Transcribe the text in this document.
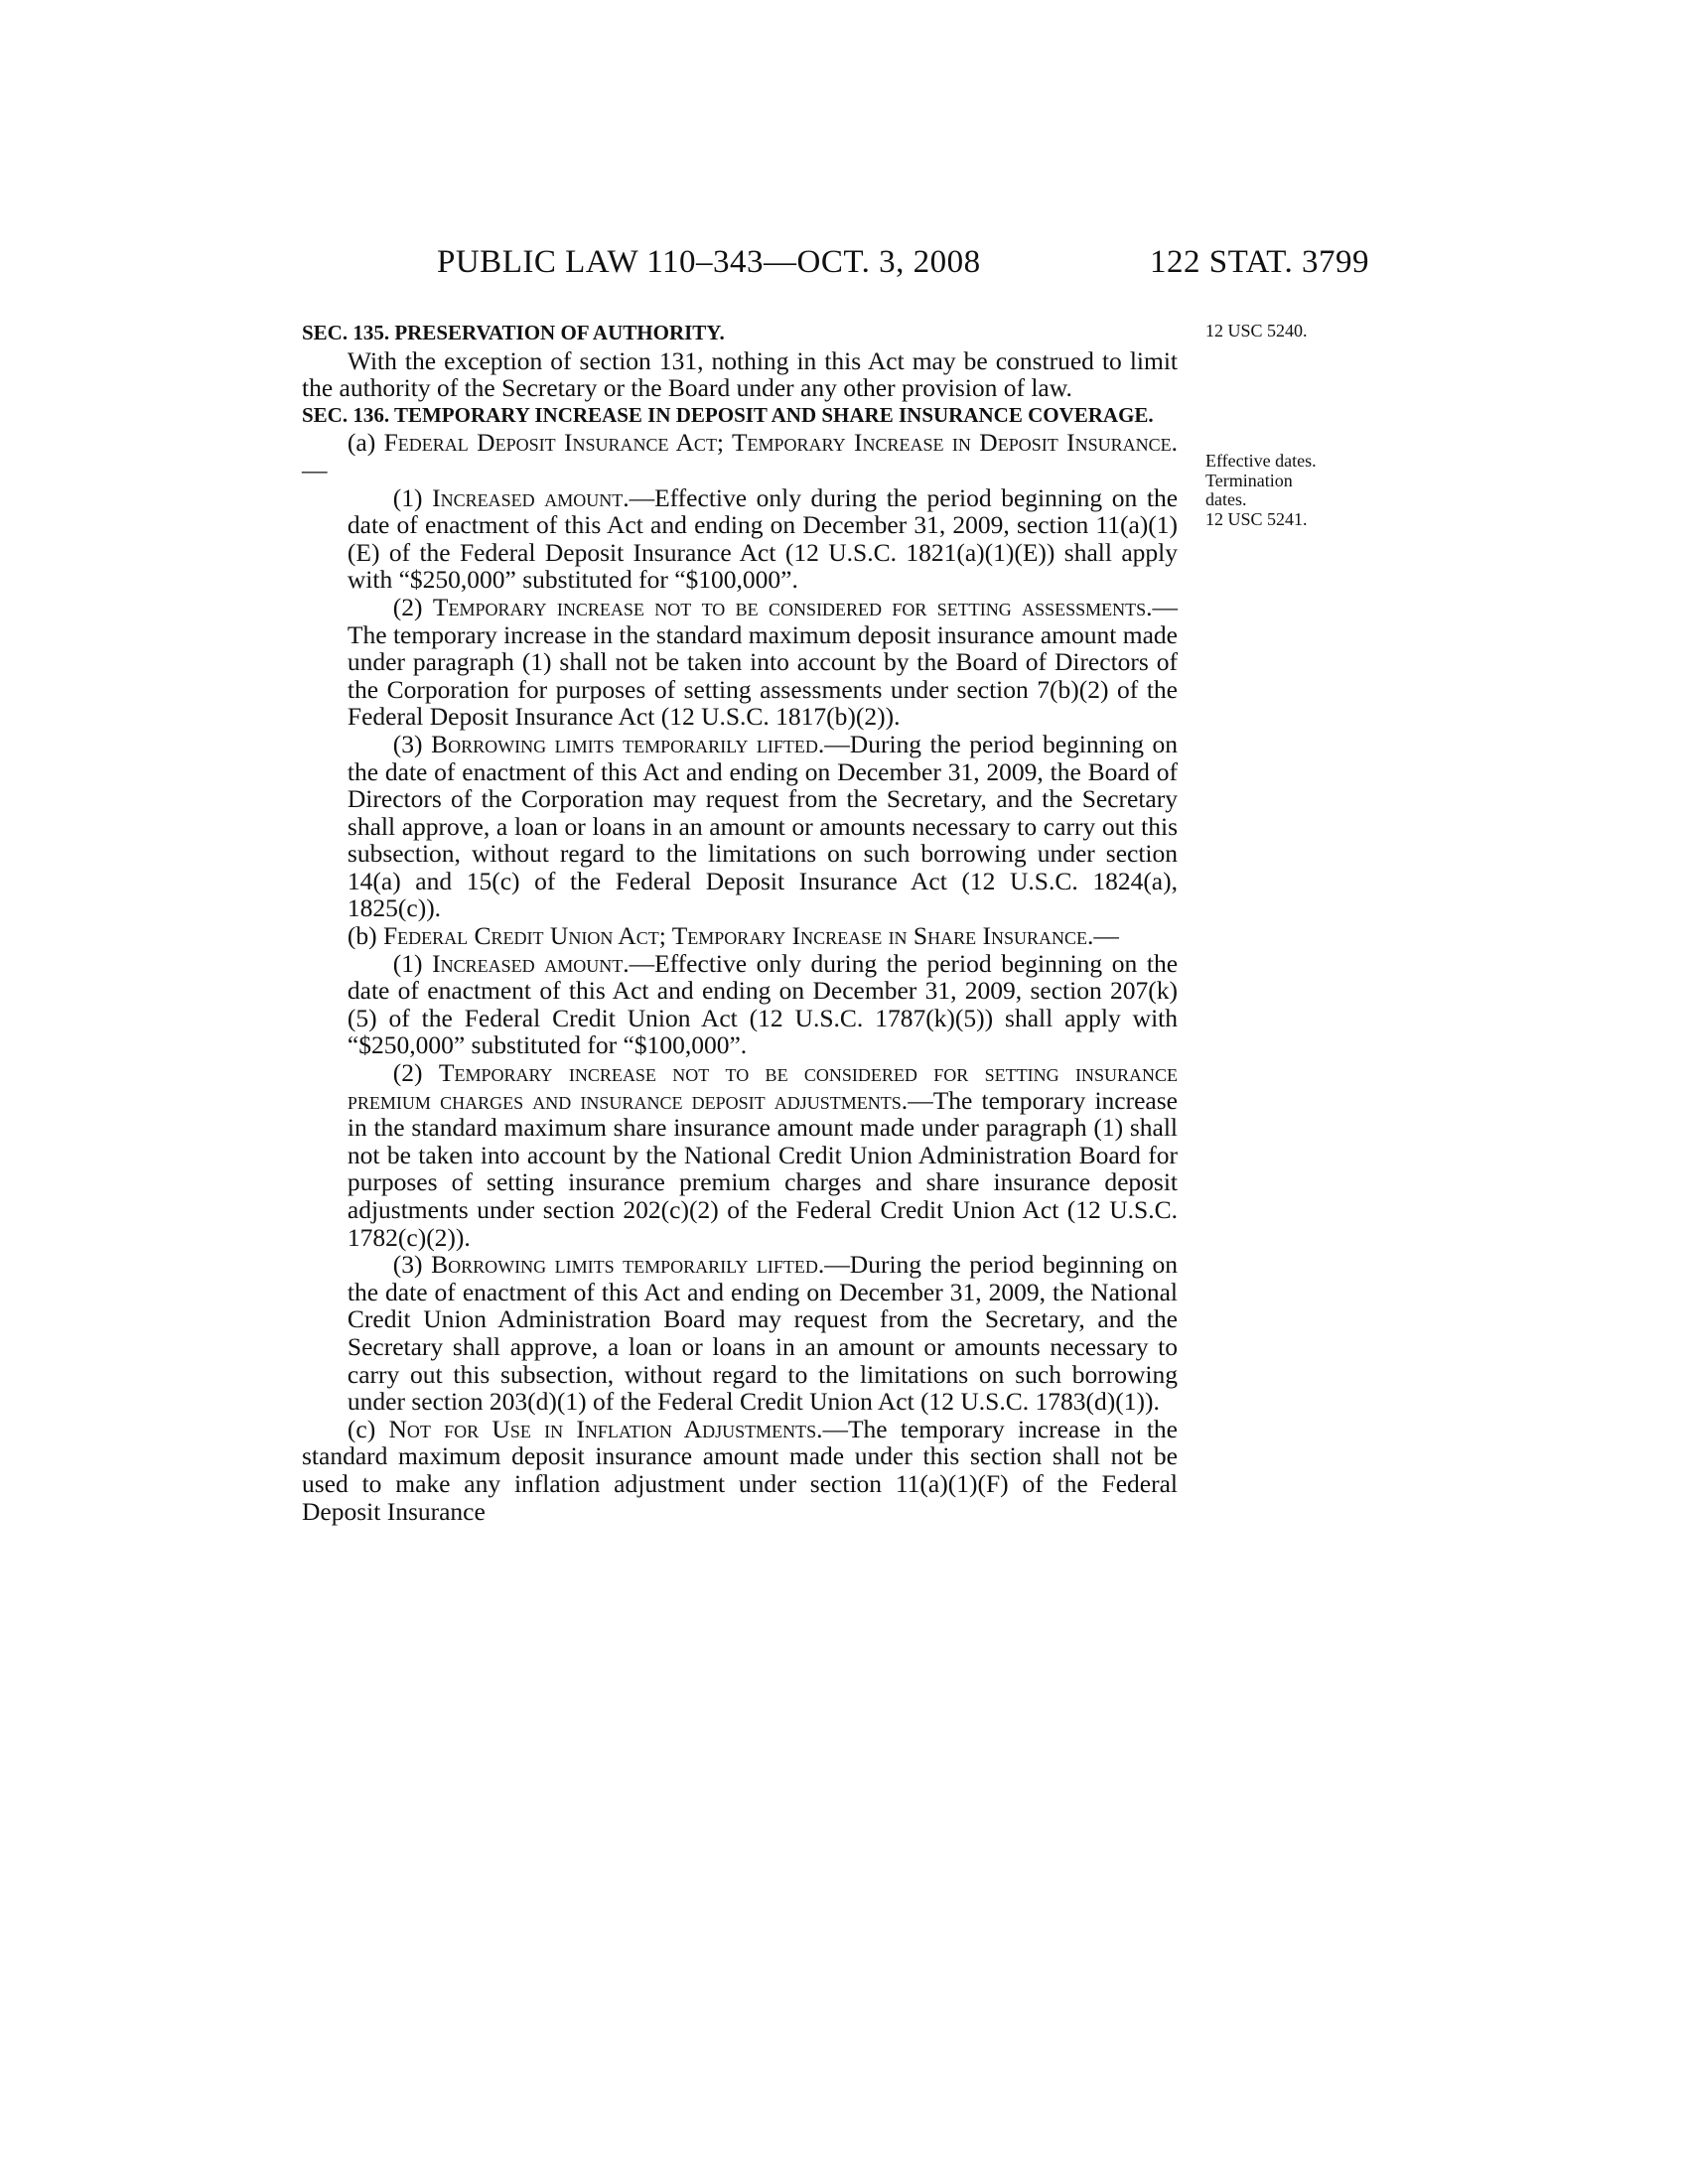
PUBLIC LAW 110–343—OCT. 3, 2008	122 STAT. 3799
12 USC 5240.
Effective dates.
Termination
dates.
12 USC 5241.

SEC. 135. PRESERVATION OF AUTHORITY.

With the exception of section 131, nothing in this Act may be construed to limit the authority of the Secretary or the Board under any other provision of law.

SEC. 136. TEMPORARY INCREASE IN DEPOSIT AND SHARE INSURANCE COVERAGE.

(a) Federal Deposit Insurance Act; Temporary Increase in Deposit Insurance.—

(1) Increased amount.—Effective only during the period beginning on the date of enactment of this Act and ending on December 31, 2009, section 11(a)(1)(E) of the Federal Deposit Insurance Act (12 U.S.C. 1821(a)(1)(E)) shall apply with “$250,000” substituted for “$100,000”.

(2) Temporary increase not to be considered for setting assessments.—The temporary increase in the standard maximum deposit insurance amount made under paragraph (1) shall not be taken into account by the Board of Directors of the Corporation for purposes of setting assessments under section 7(b)(2) of the Federal Deposit Insurance Act (12 U.S.C. 1817(b)(2)).

(3) Borrowing limits temporarily lifted.—During the period beginning on the date of enactment of this Act and ending on December 31, 2009, the Board of Directors of the Corporation may request from the Secretary, and the Secretary shall approve, a loan or loans in an amount or amounts necessary to carry out this subsection, without regard to the limitations on such borrowing under section 14(a) and 15(c) of the Federal Deposit Insurance Act (12 U.S.C. 1824(a), 1825(c)).

(b) Federal Credit Union Act; Temporary Increase in Share Insurance.—

(1) Increased amount.—Effective only during the period beginning on the date of enactment of this Act and ending on December 31, 2009, section 207(k)(5) of the Federal Credit Union Act (12 U.S.C. 1787(k)(5)) shall apply with “$250,000” substituted for “$100,000”.

(2) Temporary increase not to be considered for setting insurance premium charges and insurance deposit adjustments.—The temporary increase in the standard maximum share insurance amount made under paragraph (1) shall not be taken into account by the National Credit Union Administration Board for purposes of setting insurance premium charges and share insurance deposit adjustments under section 202(c)(2) of the Federal Credit Union Act (12 U.S.C. 1782(c)(2)).

(3) Borrowing limits temporarily lifted.—During the period beginning on the date of enactment of this Act and ending on December 31, 2009, the National Credit Union Administration Board may request from the Secretary, and the Secretary shall approve, a loan or loans in an amount or amounts necessary to carry out this subsection, without regard to the limitations on such borrowing under section 203(d)(1) of the Federal Credit Union Act (12 U.S.C. 1783(d)(1)).

(c) Not for Use in Inflation Adjustments.—The temporary increase in the standard maximum deposit insurance amount made under this section shall not be used to make any inflation adjustment under section 11(a)(1)(F) of the Federal Deposit Insurance
